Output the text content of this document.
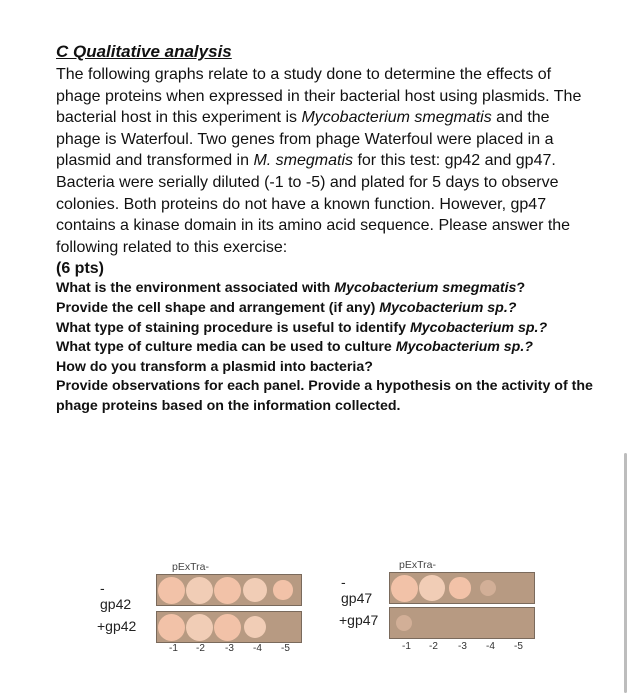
C Qualitative analysis

The following graphs relate to a study done to determine the effects of phage proteins when expressed in their bacterial host using plasmids. The bacterial host in this experiment is Mycobacterium smegmatis and the phage is Waterfoul. Two genes from phage Waterfoul were placed in a plasmid and transformed in M. smegmatis for this test: gp42 and gp47. Bacteria were serially diluted (-1 to -5) and plated for 5 days to observe colonies. Both proteins do not have a known function. However, gp47 contains a kinase domain in its amino acid sequence. Please answer the following related to this exercise:

(6 pts)

What is the environment associated with Mycobacterium smegmatis?

Provide the cell shape and arrangement (if any) Mycobacterium sp.?

What type of staining procedure is useful to identify Mycobacterium sp.?

What type of culture media can be used to culture Mycobacterium sp.?

How do you transform a plasmid into bacteria?

Provide observations for each panel. Provide a hypothesis on the activity of the phage proteins based on the information collected.

pExTra-
-gp42
+gp42
-1 -2 -3 -4 -5
pExTra-
-gp47
+gp47
-1 -2 -3 -4 -5
